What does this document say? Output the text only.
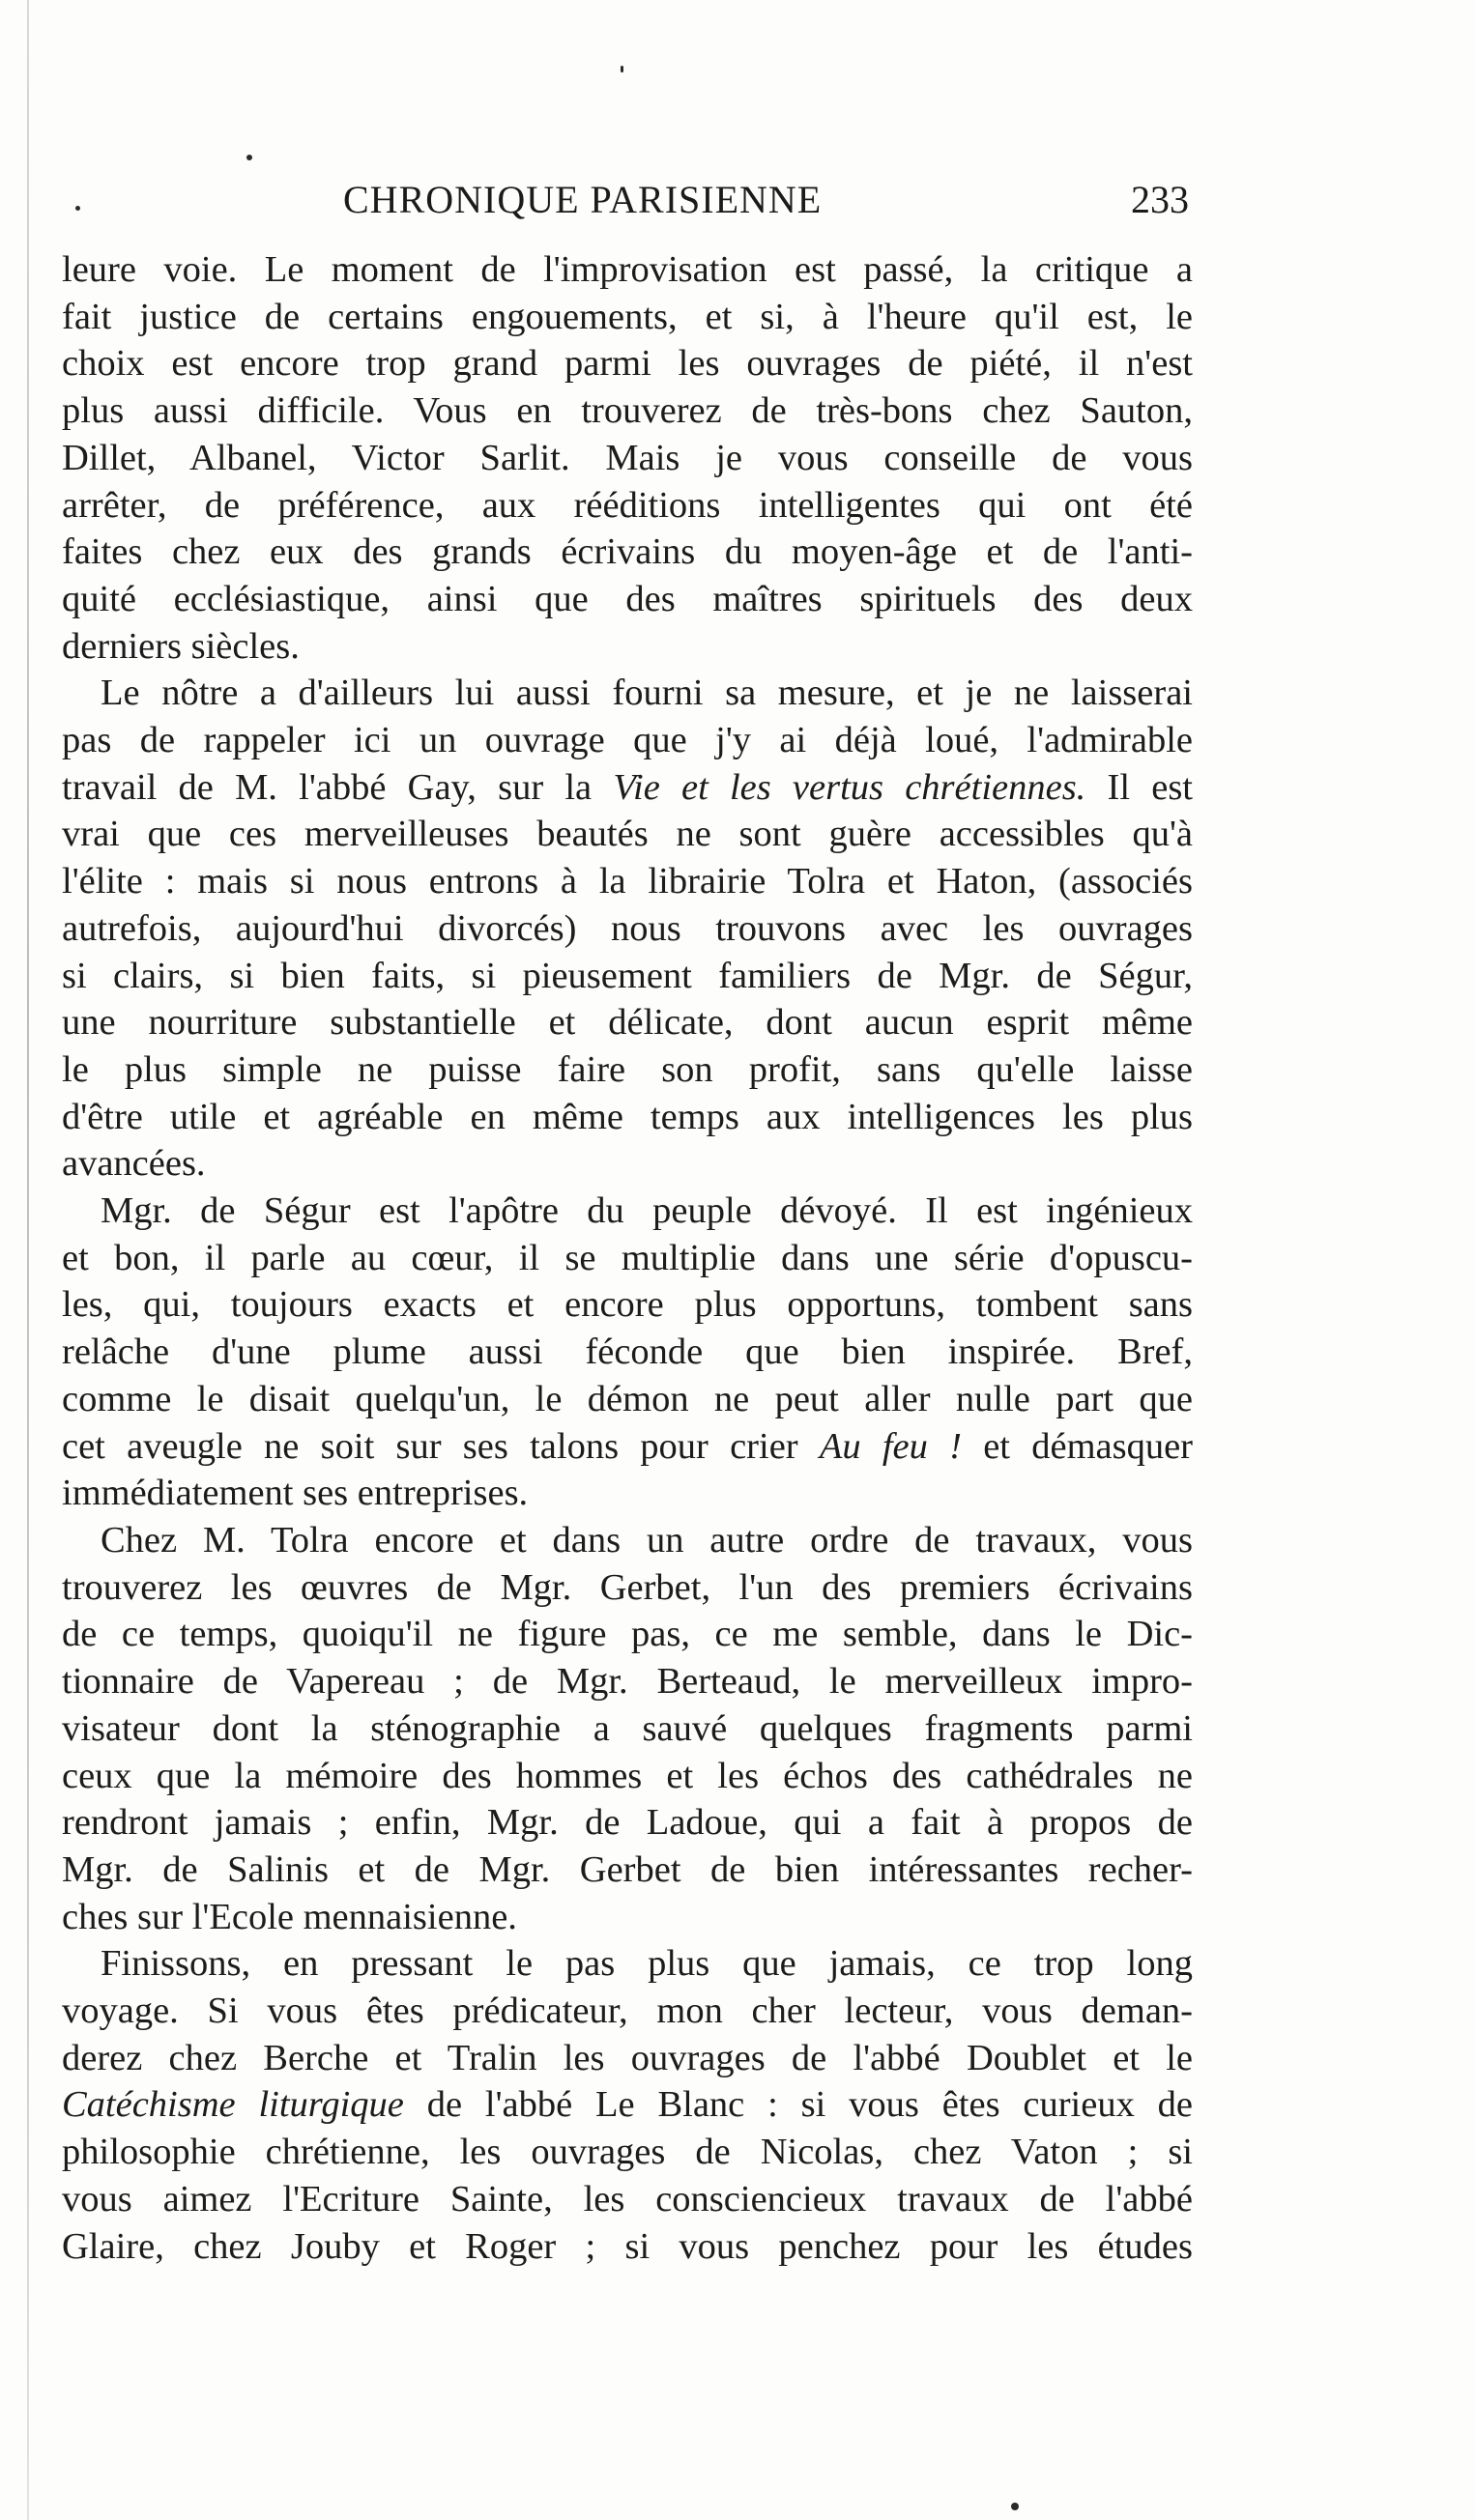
CHRONIQUE PARISIENNE	233

leure voie. Le moment de l'improvisation est passé, la critique a
fait justice de certains engouements, et si, à l'heure qu'il est, le
choix est encore trop grand parmi les ouvrages de piété, il n'est
plus aussi difficile. Vous en trouverez de très-bons chez Sauton,
Dillet, Albanel, Victor Sarlit. Mais je vous conseille de vous
arrêter, de préférence, aux rééditions intelligentes qui ont été
faites chez eux des grands écrivains du moyen-âge et de l'anti-
quité ecclésiastique, ainsi que des maîtres spirituels des deux
derniers siècles.

Le nôtre a d'ailleurs lui aussi fourni sa mesure, et je ne laisserai
pas de rappeler ici un ouvrage que j'y ai déjà loué, l'admirable
travail de M. l'abbé Gay, sur la Vie et les vertus chrétiennes. Il est
vrai que ces merveilleuses beautés ne sont guère accessibles qu'à
l'élite : mais si nous entrons à la librairie Tolra et Haton, (associés
autrefois, aujourd'hui divorcés) nous trouvons avec les ouvrages
si clairs, si bien faits, si pieusement familiers de Mgr. de Ségur,
une nourriture substantielle et délicate, dont aucun esprit même
le plus simple ne puisse faire son profit, sans qu'elle laisse
d'être utile et agréable en même temps aux intelligences les plus
avancées.

Mgr. de Ségur est l'apôtre du peuple dévoyé. Il est ingénieux
et bon, il parle au cœur, il se multiplie dans une série d'opuscu-
les, qui, toujours exacts et encore plus opportuns, tombent sans
relâche d'une plume aussi féconde que bien inspirée. Bref,
comme le disait quelqu'un, le démon ne peut aller nulle part que
cet aveugle ne soit sur ses talons pour crier Au feu ! et démasquer
immédiatement ses entreprises.

Chez M. Tolra encore et dans un autre ordre de travaux, vous
trouverez les œuvres de Mgr. Gerbet, l'un des premiers écrivains
de ce temps, quoiqu'il ne figure pas, ce me semble, dans le Dic-
tionnaire de Vapereau ; de Mgr. Berteaud, le merveilleux impro-
visateur dont la sténographie a sauvé quelques fragments parmi
ceux que la mémoire des hommes et les échos des cathédrales ne
rendront jamais ; enfin, Mgr. de Ladoue, qui a fait à propos de
Mgr. de Salinis et de Mgr. Gerbet de bien intéressantes recher-
ches sur l'Ecole mennaisienne.

Finissons, en pressant le pas plus que jamais, ce trop long
voyage. Si vous êtes prédicateur, mon cher lecteur, vous deman-
derez chez Berche et Tralin les ouvrages de l'abbé Doublet et le
Catéchisme liturgique de l'abbé Le Blanc : si vous êtes curieux de
philosophie chrétienne, les ouvrages de Nicolas, chez Vaton ; si
vous aimez l'Ecriture Sainte, les consciencieux travaux de l'abbé
Glaire, chez Jouby et Roger ; si vous penchez pour les études
